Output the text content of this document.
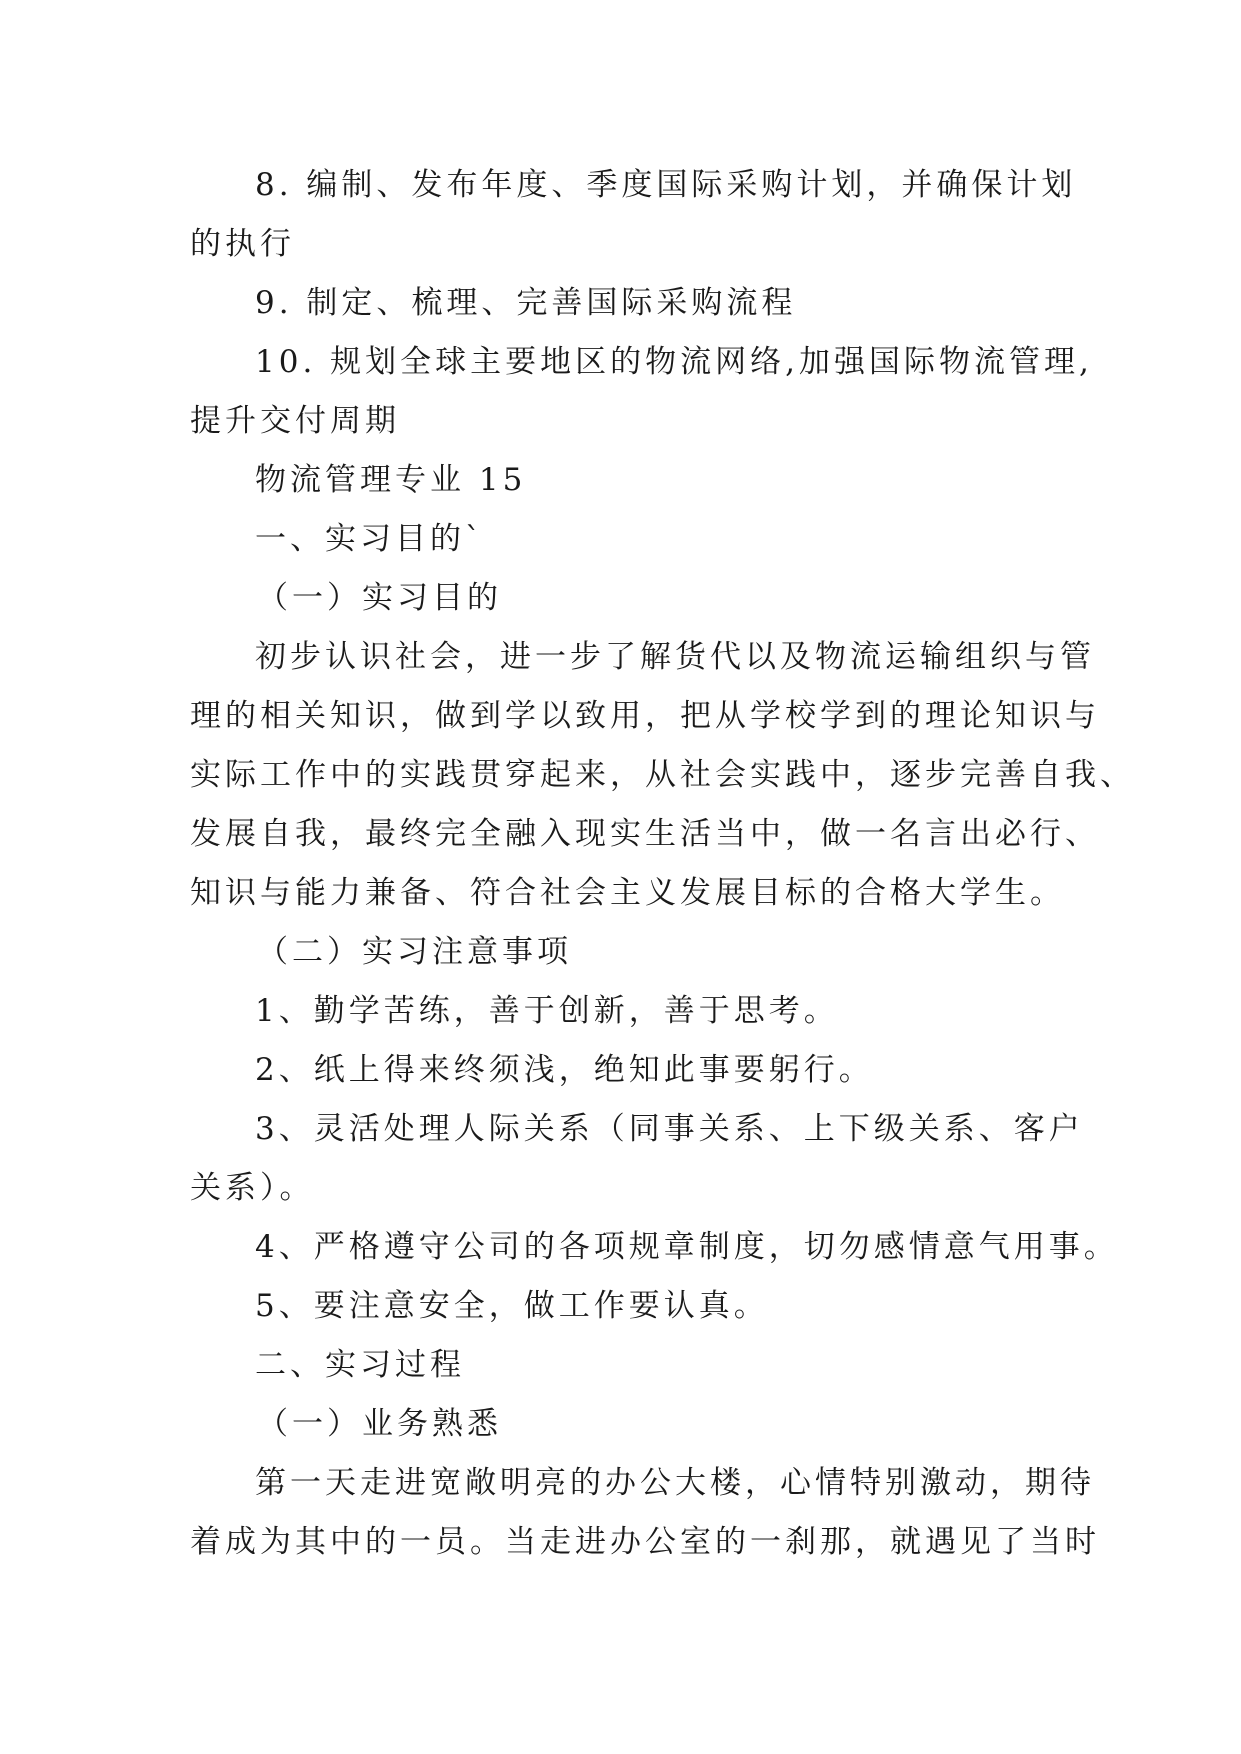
8. 编制、发布年度、季度国际采购计划，并确保计划
的执行
9. 制定、梳理、完善国际采购流程
10. 规划全球主要地区的物流网络,加强国际物流管理,
提升交付周期
物流管理专业 15
一、实习目的`
（一）实习目的
初步认识社会，进一步了解货代以及物流运输组织与管
理的相关知识，做到学以致用，把从学校学到的理论知识与
实际工作中的实践贯穿起来，从社会实践中，逐步完善自我、
发展自我，最终完全融入现实生活当中，做一名言出必行、
知识与能力兼备、符合社会主义发展目标的合格大学生。
（二）实习注意事项
1、勤学苦练，善于创新，善于思考。
2、纸上得来终须浅，绝知此事要躬行。
3、灵活处理人际关系（同事关系、上下级关系、客户
关系）。
4、严格遵守公司的各项规章制度，切勿感情意气用事。
5、要注意安全，做工作要认真。
二、实习过程
（一）业务熟悉
第一天走进宽敞明亮的办公大楼，心情特别激动，期待
着成为其中的一员。当走进办公室的一刹那，就遇见了当时
